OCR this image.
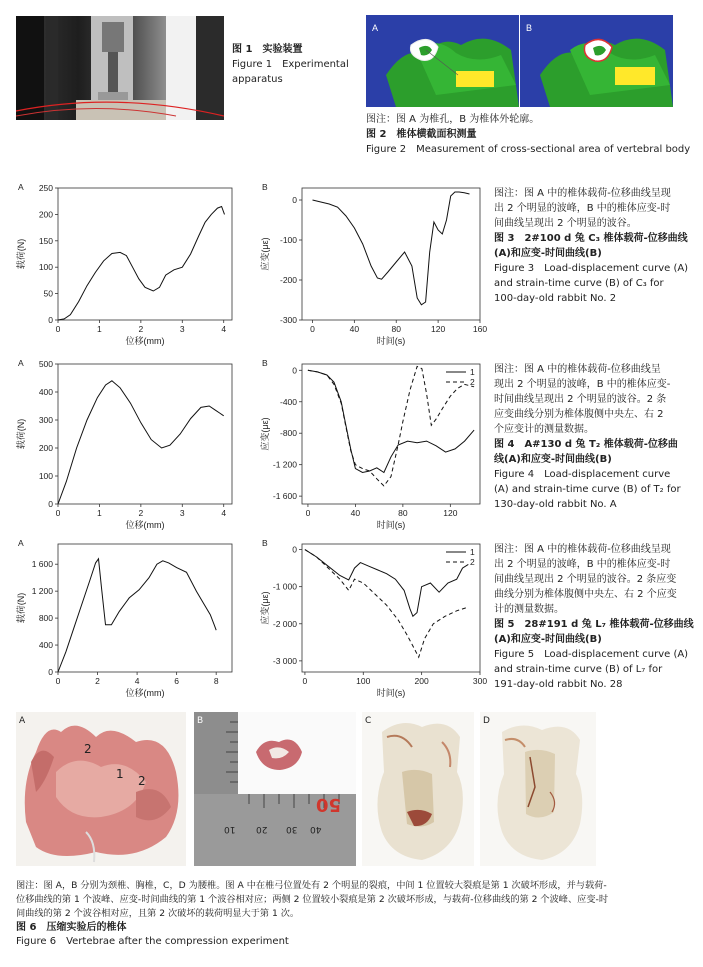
图 1　实验装置
Figure 1　Experimental
apparatus
A	B
图注：图 A 为椎孔，B 为椎体外轮廓。
图 2　椎体横截面积测量
Figure 2　Measurement of cross-sectional area of vertebral body
A
0	1	2	3	4
0
50
100
150
200
250
位移(mm)
载荷(N)
B
0	40	80	120	160
0
-100
-200
-300
时间(s)
应变(με)
A
0	1	2	3	4
0
100
200
300
400
500
位移(mm)
载荷(N)
B
0	40	80	120
0
-400
-800
-1 200
-1 600
时间(s)
应变(με)
1
2
A
0	2	4	6	8
0
400
800
1 200
1 600
位移(mm)
载荷(N)
B
0	100	200	300
0
-1 000
-2 000
-3 000
时间(s)
应变(με)
1
2
图注：图 A 中的椎体载荷-位移曲线呈现
出 2 个明显的波峰，B 中的椎体应变-时
间曲线呈现出 2 个明显的波谷。
图 3　2#100 d 兔 C₃ 椎体载荷-位移曲线
(A)和应变-时间曲线(B)
Figure 3　Load-displacement curve (A)
and strain-time curve (B) of C₃ for
100-day-old rabbit No. 2
图注：图 A 中的椎体载荷-位移曲线呈
现出 2 个明显的波峰，B 中的椎体应变-
时间曲线呈现出 2 个明显的波谷。2 条
应变曲线分别为椎体腹侧中央左、右 2
个应变计的测量数据。
图 4　A#130 d 兔 T₂ 椎体载荷-位移曲
线(A)和应变-时间曲线(B)
Figure 4　Load-displacement curve
(A) and strain-time curve (B) of T₂ for
130-day-old rabbit No. A
图注：图 A 中的椎体载荷-位移曲线呈现
出 2 个明显的波峰，B 中的椎体应变-时
间曲线呈现出 2 个明显的波谷。2 条应变
曲线分别为椎体腹侧中央左、右 2 个应变
计的测量数据。
图 5　28#191 d 兔 L₇ 椎体载荷-位移曲线
(A)和应变-时间曲线(B)
Figure 5　Load-displacement curve (A)
and strain-time curve (B) of L₇ for
191-day-old rabbit No. 28
A
2
1 2
B
50
10 20 30 40
C	D
图注：图 A，B 分别为颈椎、胸椎，C，D 为腰椎。图 A 中在椎弓位置处有 2 个明显的裂痕，中间 1 位置较大裂痕是第 1 次破坏形成，并与载荷-
位移曲线的第 1 个波峰、应变-时间曲线的第 1 个波谷相对应；两侧 2 位置较小裂痕是第 2 次破坏形成，与载荷-位移曲线的第 2 个波峰、应变-时
间曲线的第 2 个波谷相对应，且第 2 次破坏的载荷明显大于第 1 次。
图 6　压缩实验后的椎体
Figure 6　Vertebrae after the compression experiment
